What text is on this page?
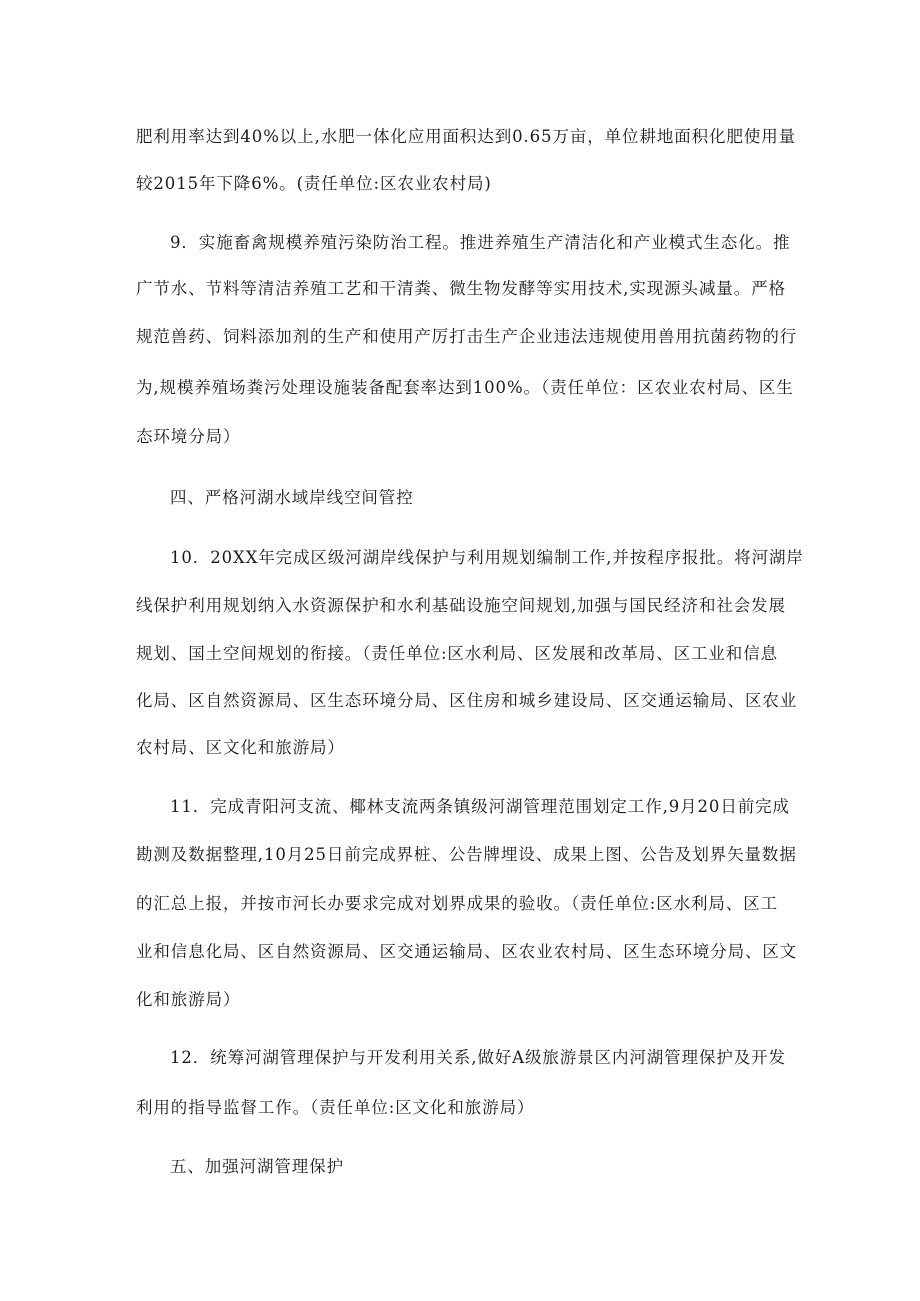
肥利用率达到40%以上,水肥一体化应用面积达到0.65万亩，单位耕地面积化肥使用量
较2015年下降6%。(责任单位:区农业农村局)
9．实施畜禽规模养殖污染防治工程。推进养殖生产清洁化和产业模式生态化。推
广节水、节料等清洁养殖工艺和干清粪、微生物发酵等实用技术,实现源头减量。严格
规范兽药、饲料添加剂的生产和使用产厉打击生产企业违法违规使用兽用抗菌药物的行
为,规模养殖场粪污处理设施装备配套率达到100%。（责任单位：区农业农村局、区生
态环境分局）
四、严格河湖水域岸线空间管控
10．20XX年完成区级河湖岸线保护与利用规划编制工作,并按程序报批。将河湖岸
线保护利用规划纳入水资源保护和水利基础设施空间规划,加强与国民经济和社会发展
规划、国土空间规划的衔接。（责任单位:区水利局、区发展和改革局、区工业和信息
化局、区自然资源局、区生态环境分局、区住房和城乡建设局、区交通运输局、区农业
农村局、区文化和旅游局）
11．完成青阳河支流、椰林支流两条镇级河湖管理范围划定工作,9月20日前完成
勘测及数据整理,10月25日前完成界桩、公告牌埋设、成果上图、公告及划界矢量数据
的汇总上报，并按市河长办要求完成对划界成果的验收。（责任单位:区水利局、区工
业和信息化局、区自然资源局、区交通运输局、区农业农村局、区生态环境分局、区文
化和旅游局）
12．统筹河湖管理保护与开发利用关系,做好A级旅游景区内河湖管理保护及开发
利用的指导监督工作。（责任单位:区文化和旅游局）
五、加强河湖管理保护
